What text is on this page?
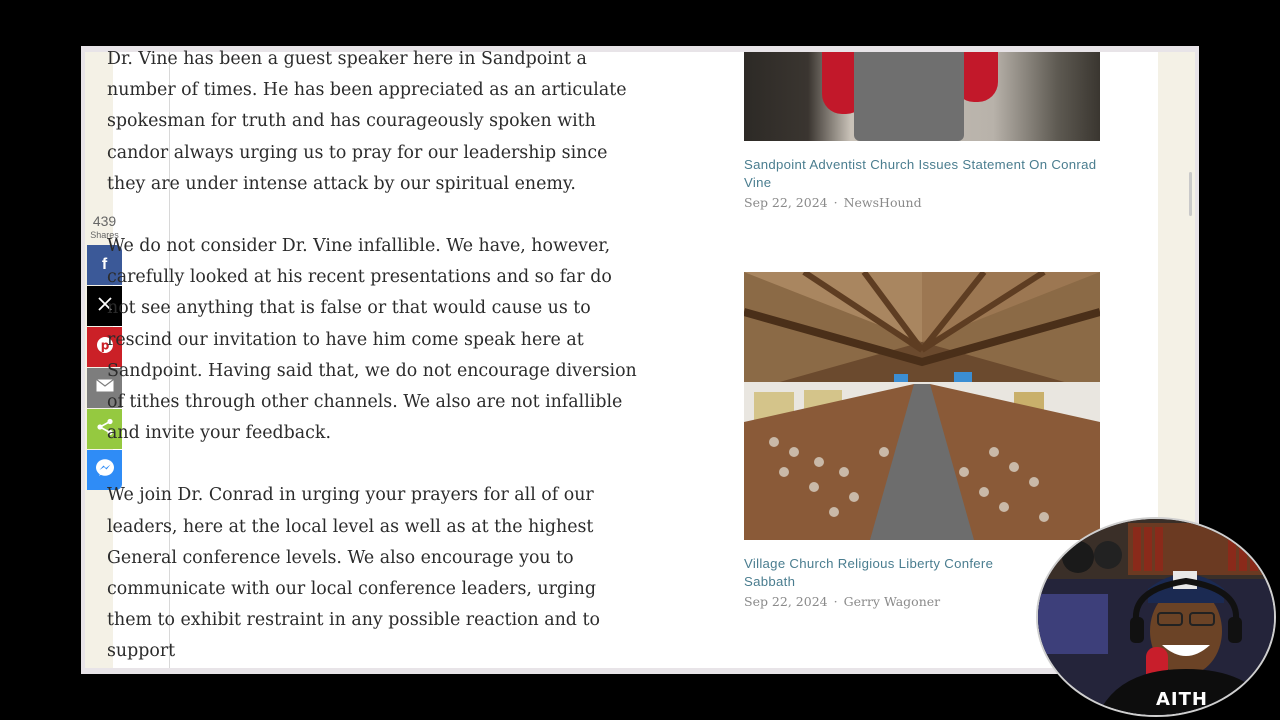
439
Shares
f
p

Dr. Vine has been a guest speaker here in Sandpoint a number of times. He has been appreciated as an articulate spokesman for truth and has courageously spoken with candor always urging us to pray for our leadership since they are under intense attack by our spiritual enemy.

We do not consider Dr. Vine infallible. We have, however, carefully looked at his recent presentations and so far do not see anything that is false or that would cause us to rescind our invitation to have him come speak here at Sandpoint. Having said that, we do not encourage diversion of tithes through other channels. We also are not infallible and invite your feedback.

We join Dr. Conrad in urging your prayers for all of our leaders, here at the local level as well as at the highest General conference levels. We also encourage you to communicate with our local conference leaders, urging them to exhibit restraint in any possible reaction and to support

Sandpoint Adventist Church Issues Statement On Conrad Vine
Sep 22, 2024 · NewsHound
Village Church Religious Liberty Confere Sabbath
Sep 22, 2024 · Gerry Wagoner
AITH
